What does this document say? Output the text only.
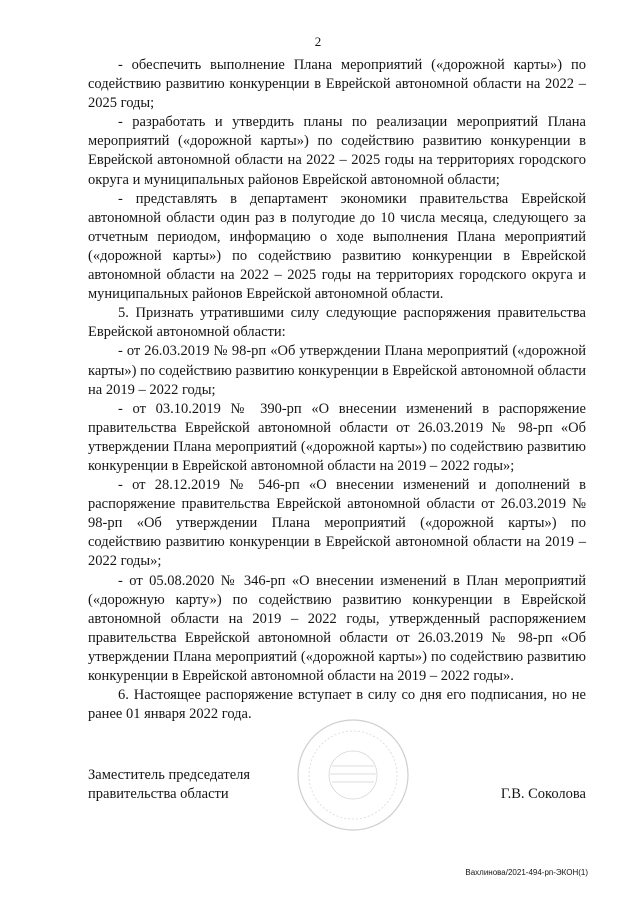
2

- обеспечить выполнение Плана мероприятий («дорожной карты») по содействию развитию конкуренции в Еврейской автономной области на 2022 – 2025 годы;

- разработать и утвердить планы по реализации мероприятий Плана мероприятий («дорожной карты») по содействию развитию конкуренции в Еврейской автономной области на 2022 – 2025 годы на территориях городского округа и муниципальных районов Еврейской автономной области;

- представлять в департамент экономики правительства Еврейской автономной области один раз в полугодие до 10 числа месяца, следующего за отчетным периодом, информацию о ходе выполнения Плана мероприятий («дорожной карты») по содействию развитию конкуренции в Еврейской автономной области на 2022 – 2025 годы на территориях городского округа и муниципальных районов Еврейской автономной области.

5. Признать утратившими силу следующие распоряжения правительства Еврейской автономной области:

- от 26.03.2019 № 98-рп «Об утверждении Плана мероприятий («дорожной карты») по содействию развитию конкуренции в Еврейской автономной области на 2019 – 2022 годы;

- от 03.10.2019 № 390-рп «О внесении изменений в распоряжение правительства Еврейской автономной области от 26.03.2019 № 98-рп «Об утверждении Плана мероприятий («дорожной карты») по содействию развитию конкуренции в Еврейской автономной области на 2019 – 2022 годы»;

- от 28.12.2019 № 546-рп «О внесении изменений и дополнений в распоряжение правительства Еврейской автономной области от 26.03.2019 № 98-рп «Об утверждении Плана мероприятий («дорожной карты») по содействию развитию конкуренции в Еврейской автономной области на 2019 – 2022 годы»;

- от 05.08.2020 № 346-рп «О внесении изменений в План мероприятий («дорожную карту») по содействию развитию конкуренции в Еврейской автономной области на 2019 – 2022 годы, утвержденный распоряжением правительства Еврейской автономной области от 26.03.2019 № 98-рп «Об утверждении Плана мероприятий («дорожной карты») по содействию развитию конкуренции в Еврейской автономной области на 2019 – 2022 годы».

6. Настоящее распоряжение вступает в силу со дня его подписания, но не ранее 01 января 2022 года.

Заместитель председателя
правительства области	Г.В. Соколова
Вахлинова/2021-494-рп-ЭКОН(1)
